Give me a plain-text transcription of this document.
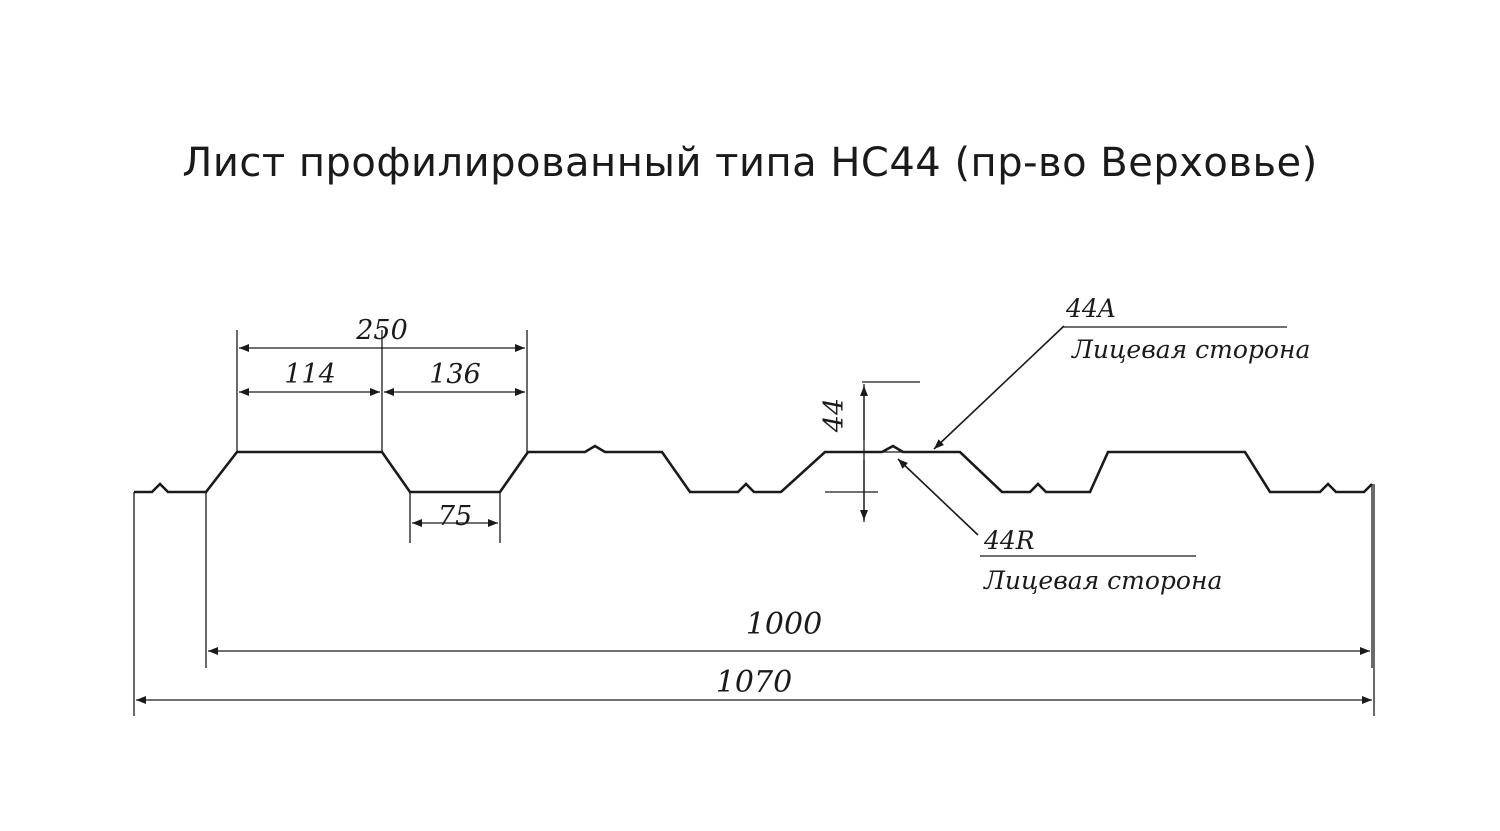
Лист профилированный типа НС44 (пр-во Верховье)
250
114	136
75
44
1000
1070
44A
Лицевая сторона
44R
Лицевая сторона
